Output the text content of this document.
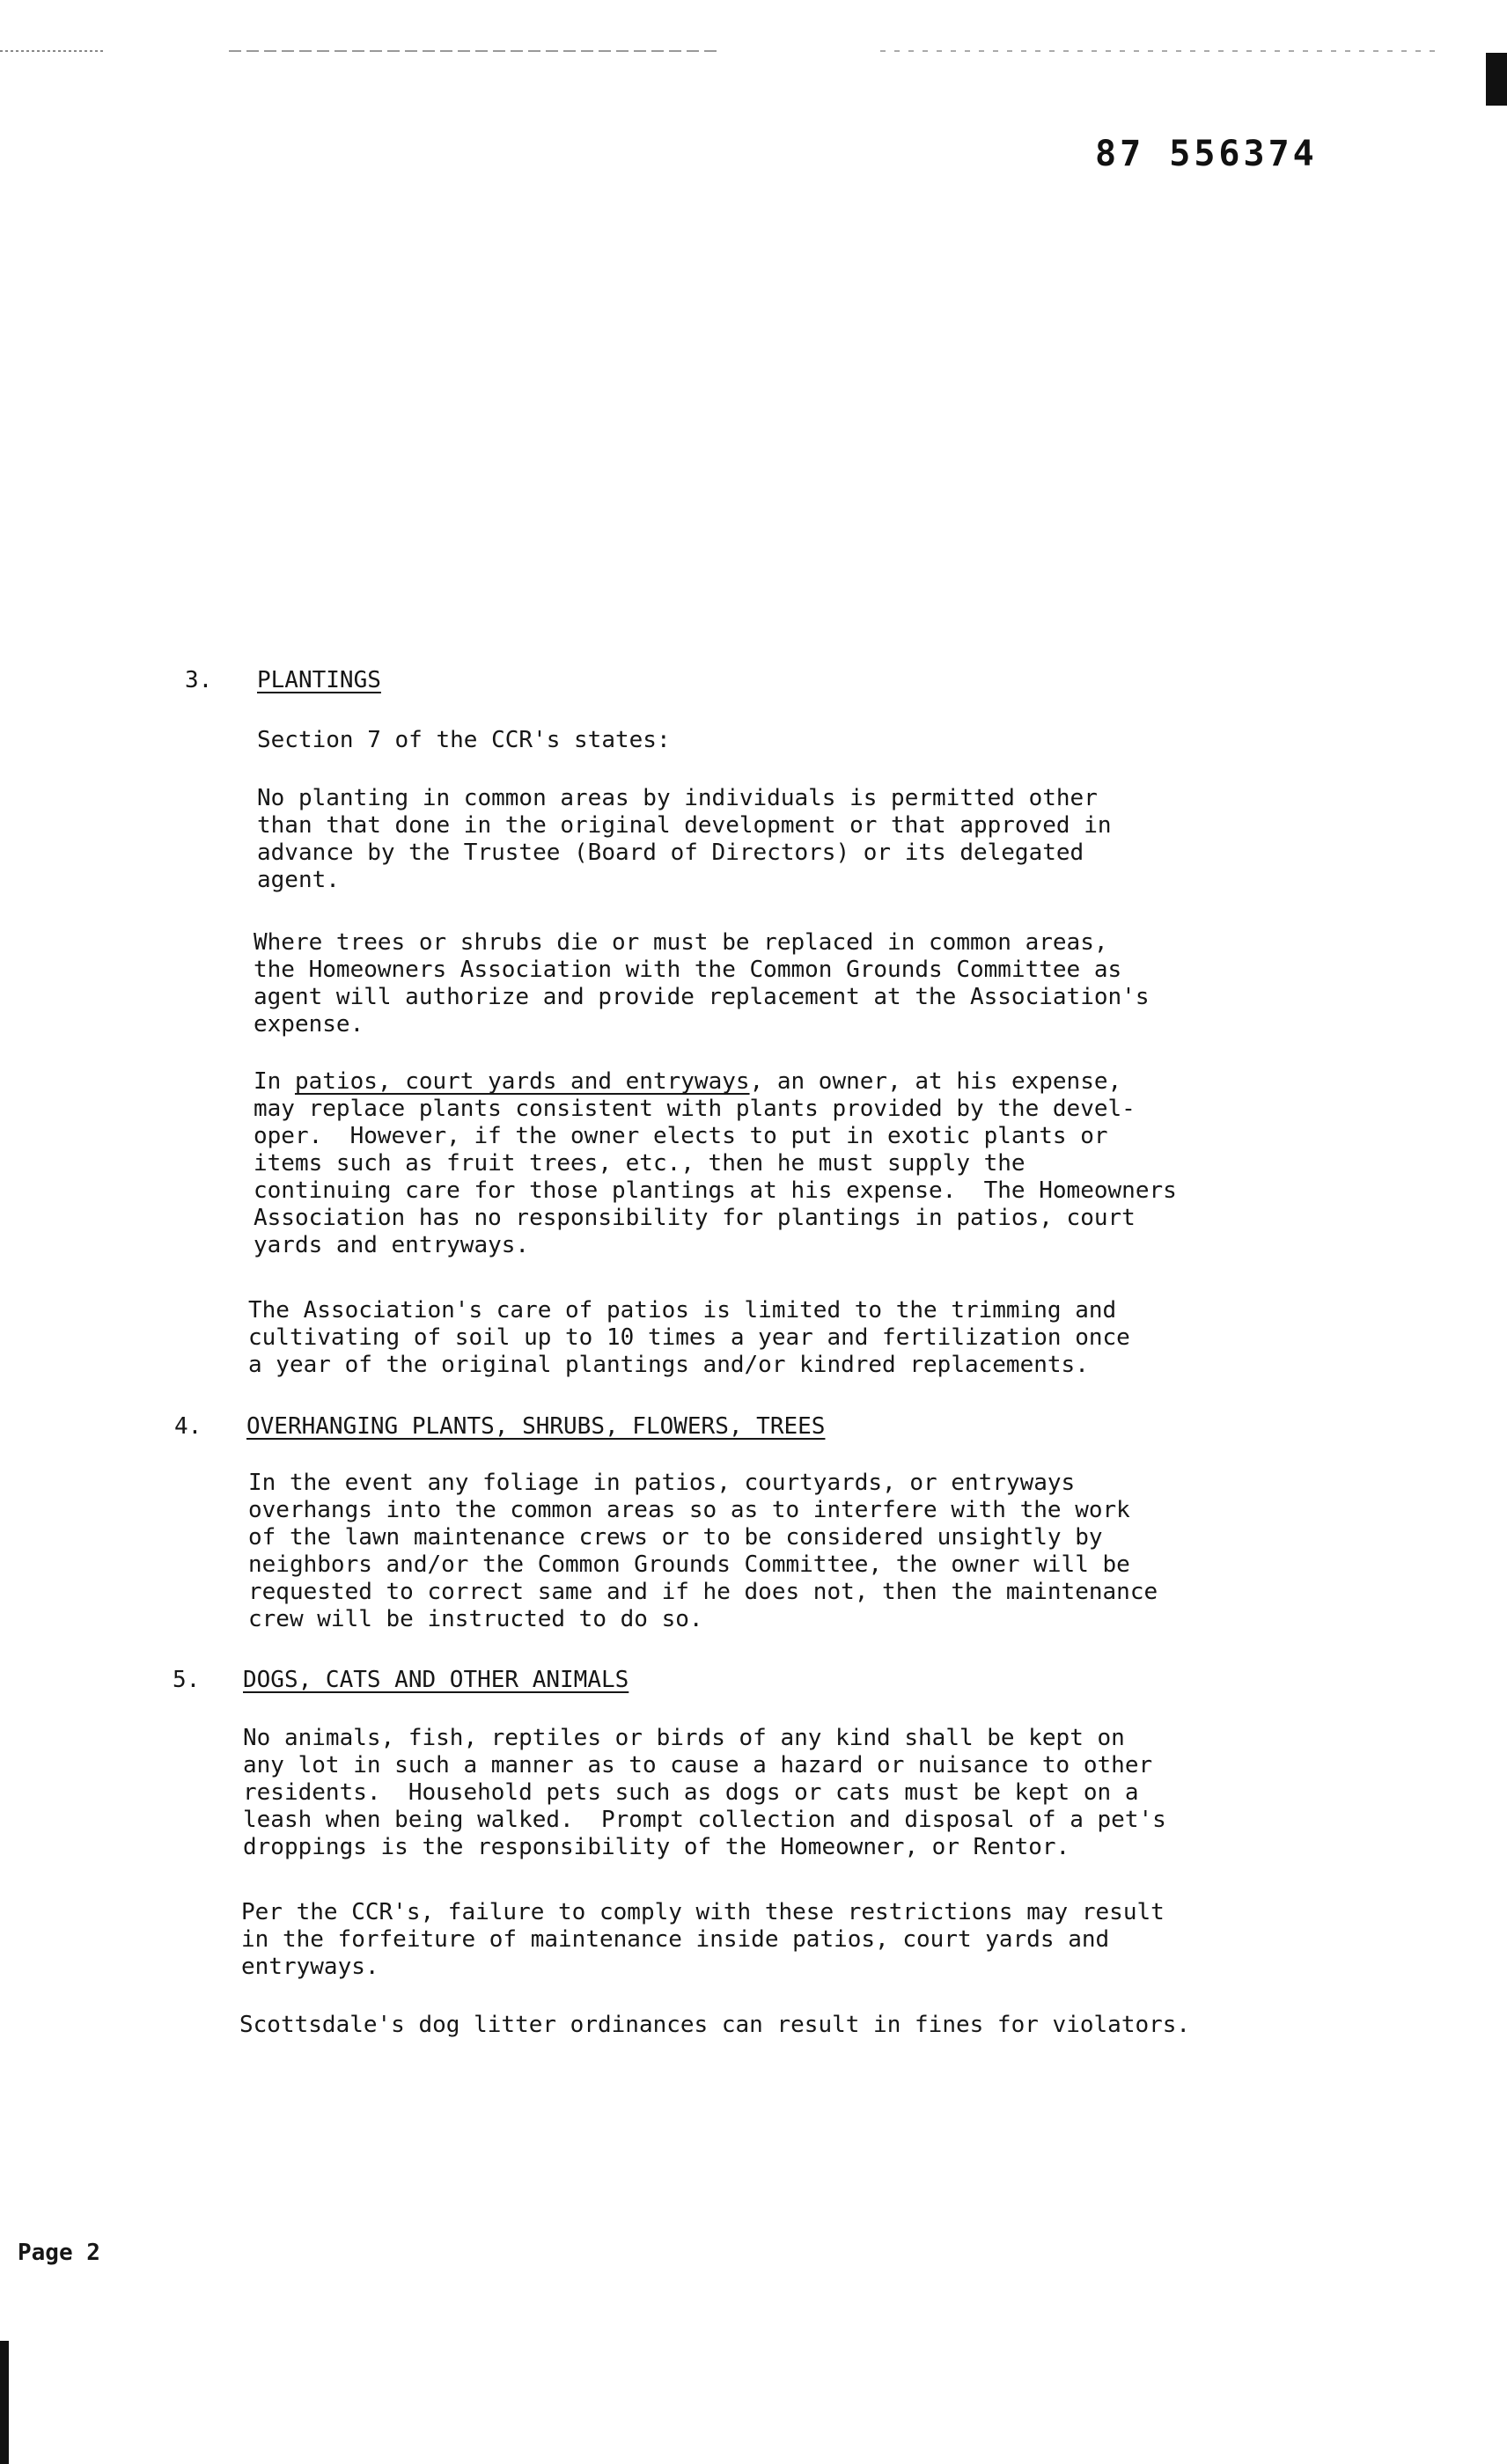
87 556374
3. PLANTINGS

Section 7 of the CCR's states:

No planting in common areas by individuals is permitted other
than that done in the original development or that approved in
advance by the Trustee (Board of Directors) or its delegated
agent.

Where trees or shrubs die or must be replaced in common areas,
the Homeowners Association with the Common Grounds Committee as
agent will authorize and provide replacement at the Association's
expense.

In patios, court yards and entryways, an owner, at his expense,
may replace plants consistent with plants provided by the devel-
oper.  However, if the owner elects to put in exotic plants or
items such as fruit trees, etc., then he must supply the
continuing care for those plantings at his expense.  The Homeowners
Association has no responsibility for plantings in patios, court
yards and entryways.

The Association's care of patios is limited to the trimming and
cultivating of soil up to 10 times a year and fertilization once
a year of the original plantings and/or kindred replacements.

4. OVERHANGING PLANTS, SHRUBS, FLOWERS, TREES

In the event any foliage in patios, courtyards, or entryways
overhangs into the common areas so as to interfere with the work
of the lawn maintenance crews or to be considered unsightly by
neighbors and/or the Common Grounds Committee, the owner will be
requested to correct same and if he does not, then the maintenance
crew will be instructed to do so.

5. DOGS, CATS AND OTHER ANIMALS

No animals, fish, reptiles or birds of any kind shall be kept on
any lot in such a manner as to cause a hazard or nuisance to other
residents.  Household pets such as dogs or cats must be kept on a
leash when being walked.  Prompt collection and disposal of a pet's
droppings is the responsibility of the Homeowner, or Rentor.

Per the CCR's, failure to comply with these restrictions may result
in the forfeiture of maintenance inside patios, court yards and
entryways.

Scottsdale's dog litter ordinances can result in fines for violators.

Page 2
